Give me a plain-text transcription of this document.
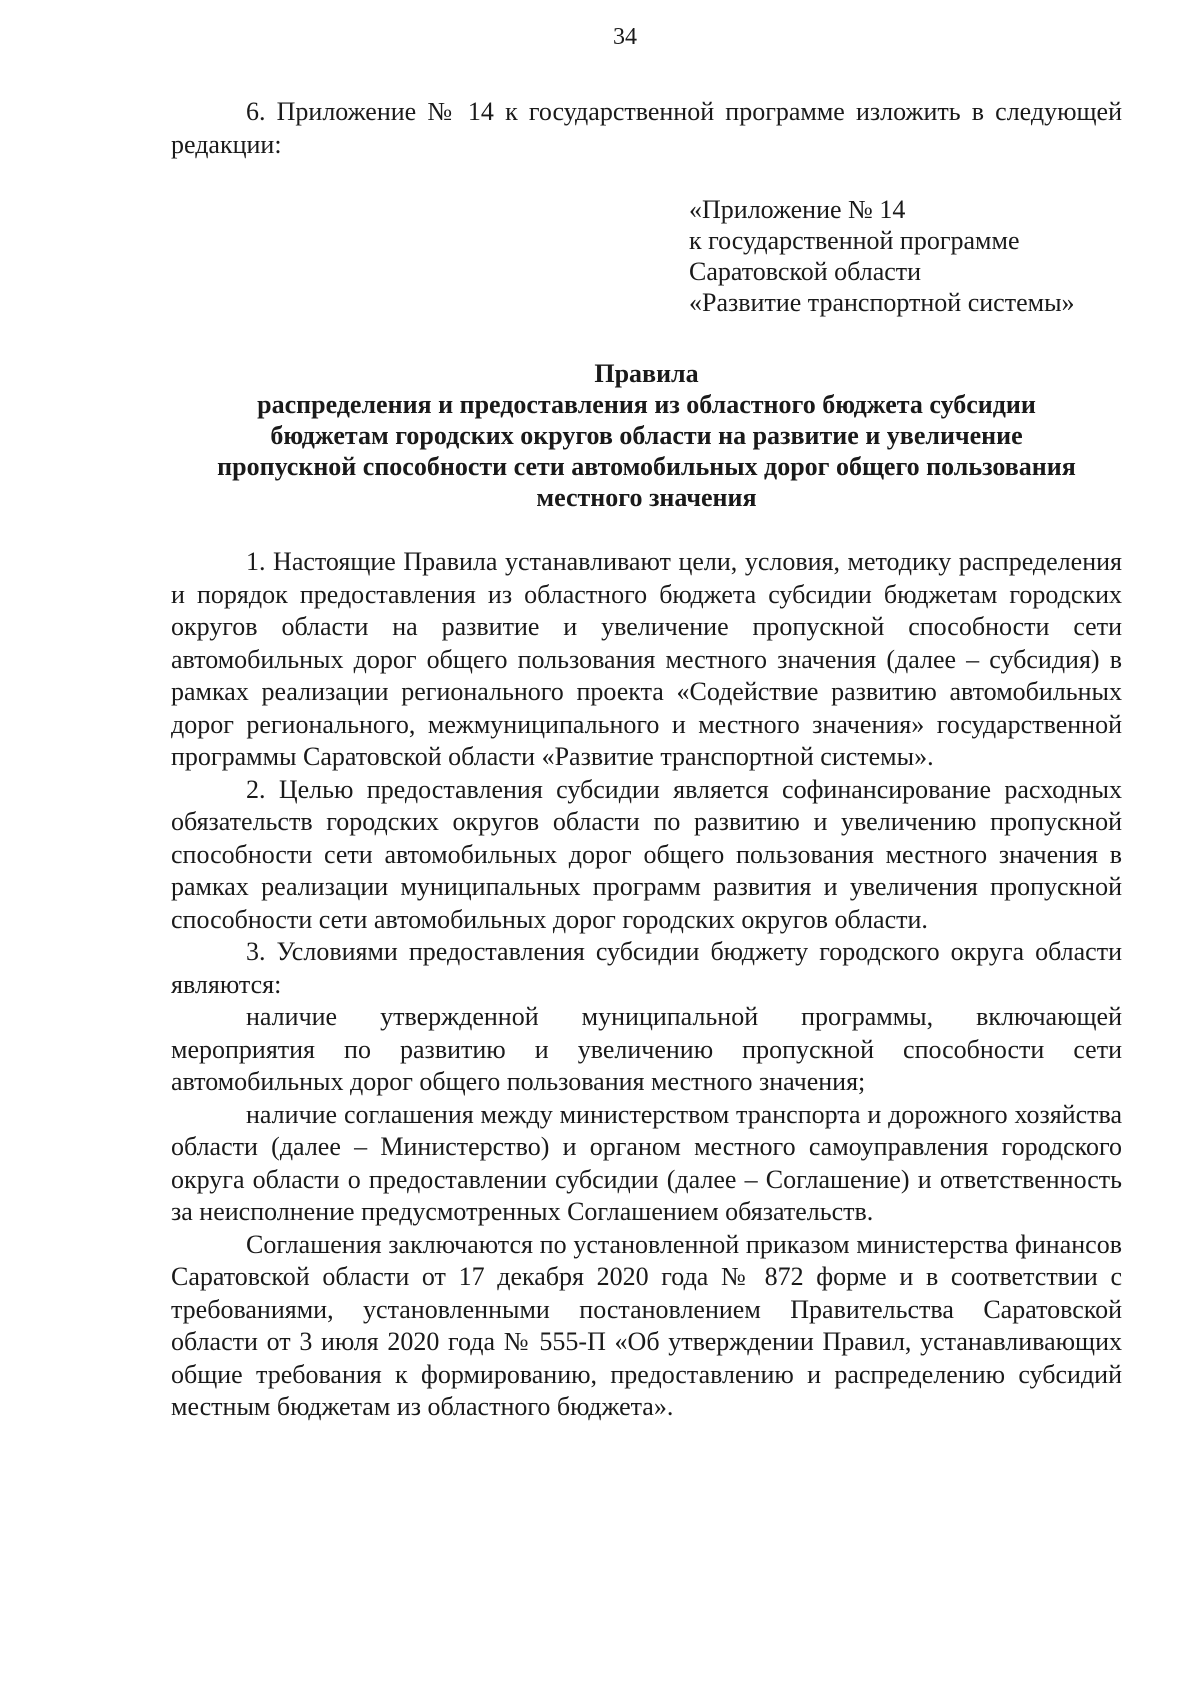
34

6. Приложение № 14 к государственной программе изложить в следующей редакции:

«Приложение № 14
к государственной программе
Саратовской области
«Развитие транспортной системы»
Правила
распределения и предоставления из областного бюджета субсидии
бюджетам городских округов области на развитие и увеличение
пропускной способности сети автомобильных дорог общего пользования
местного значения

1. Настоящие Правила устанавливают цели, условия, методику распределения и порядок предоставления из областного бюджета субсидии бюджетам городских округов области на развитие и увеличение пропускной способности сети автомобильных дорог общего пользования местного значения (далее – субсидия) в рамках реализации регионального проекта «Содействие развитию автомобильных дорог регионального, межмуниципального и местного значения» государственной программы Саратовской области «Развитие транспортной системы».

2. Целью предоставления субсидии является софинансирование расходных обязательств городских округов области по развитию и увеличению пропускной способности сети автомобильных дорог общего пользования местного значения в рамках реализации муниципальных программ развития и увеличения пропускной способности сети автомобильных дорог городских округов области.

3. Условиями предоставления субсидии бюджету городского округа области являются:

наличие утвержденной муниципальной программы, включающей мероприятия по развитию и увеличению пропускной способности сети автомобильных дорог общего пользования местного значения;

наличие соглашения между министерством транспорта и дорожного хозяйства области (далее – Министерство) и органом местного самоуправления городского округа области о предоставлении субсидии (далее – Соглашение) и ответственность за неисполнение предусмотренных Соглашением обязательств.

Соглашения заключаются по установленной приказом министерства финансов Саратовской области от 17 декабря 2020 года № 872 форме и в соответствии с требованиями, установленными постановлением Правительства Саратовской области от 3 июля 2020 года № 555-П «Об утверждении Правил, устанавливающих общие требования к формированию, предоставлению и распределению субсидий местным бюджетам из областного бюджета».
